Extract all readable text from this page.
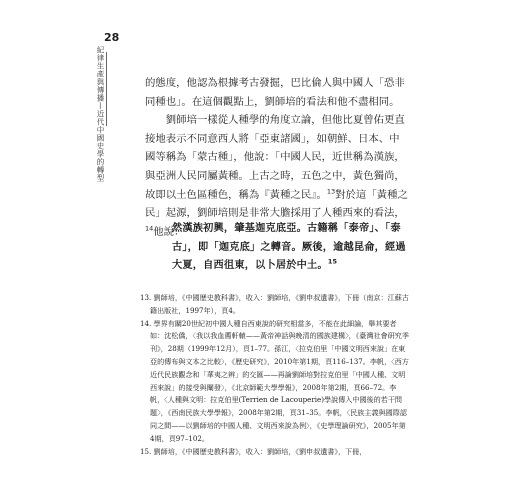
28
紀律生產與傳播—近代中國史學的轉型

的態度，他認為根據考古發掘，巴比倫人與中國人「恐非同種也」。在這個觀點上，劉師培的看法和他不盡相同。

劉師培一樣從人種學的角度立論，但他比夏曾佑更直接地表示不同意西人將「亞東諸國」，如朝鮮、日本、中國等稱為「蒙古種」，他說：「中國人民，近世稱為漢族，與亞洲人民同屬黃種。上古之時，五色之中，黃色獨尚，故即以土色區種色，稱為『黃種之民』。$^{13}$對於這「黃種之民」起源，劉師培則是非常大膽採用了人種西來的看法，$^{14}$他說：

然漢族初興，肇基迦克底亞。古籍稱「泰帝」、「泰古」，即「迦克底」之轉音。厥後，逾越昆侖，經過大夏，自西徂東，以卜居於中土。$^{15}$

13. 劉師培，《中國歷史教科書》，收入：劉師培，《劉申叔遺書》，下冊（南京：江蘇古籍出版社，1997年），頁4。

14. 學界有關20世紀初中國人種自西東說的研究相當多，不能在此細論，舉其要者如：沈松僑，〈我以我血薦軒轅——黃帝神話與晚清的國族建構〉，《臺灣社會研究季刊》，28期（1999年12月），頁1–77。孫江，〈拉克伯里「中國文明西來說」在東亞的傳布與文本之比較〉，《歷史研究》，2010年第1期，頁116–137。李帆，〈西方近代民族觀念和「華夷之辨」的交匯——再論劉師培對拉克伯里「中國人種、文明西來說」的接受與闡發〉，《北京師範大學學報》，2008年第2期，頁66–72。李帆，〈人種與文明：拉克伯里(Terrien de Lacouperie)學說傳入中國後的若干問題〉，《西南民族大學學報》，2008年第2期，頁31–35。李帆，〈民族主義與國際認同之間——以劉師培的中國人種、文明西來說為例〉，《史學理論研究》，2005年第4期，頁97–102。

15. 劉師培，《中國歷史教科書》，收入：劉師培，《劉申叔遺書》，下冊，
